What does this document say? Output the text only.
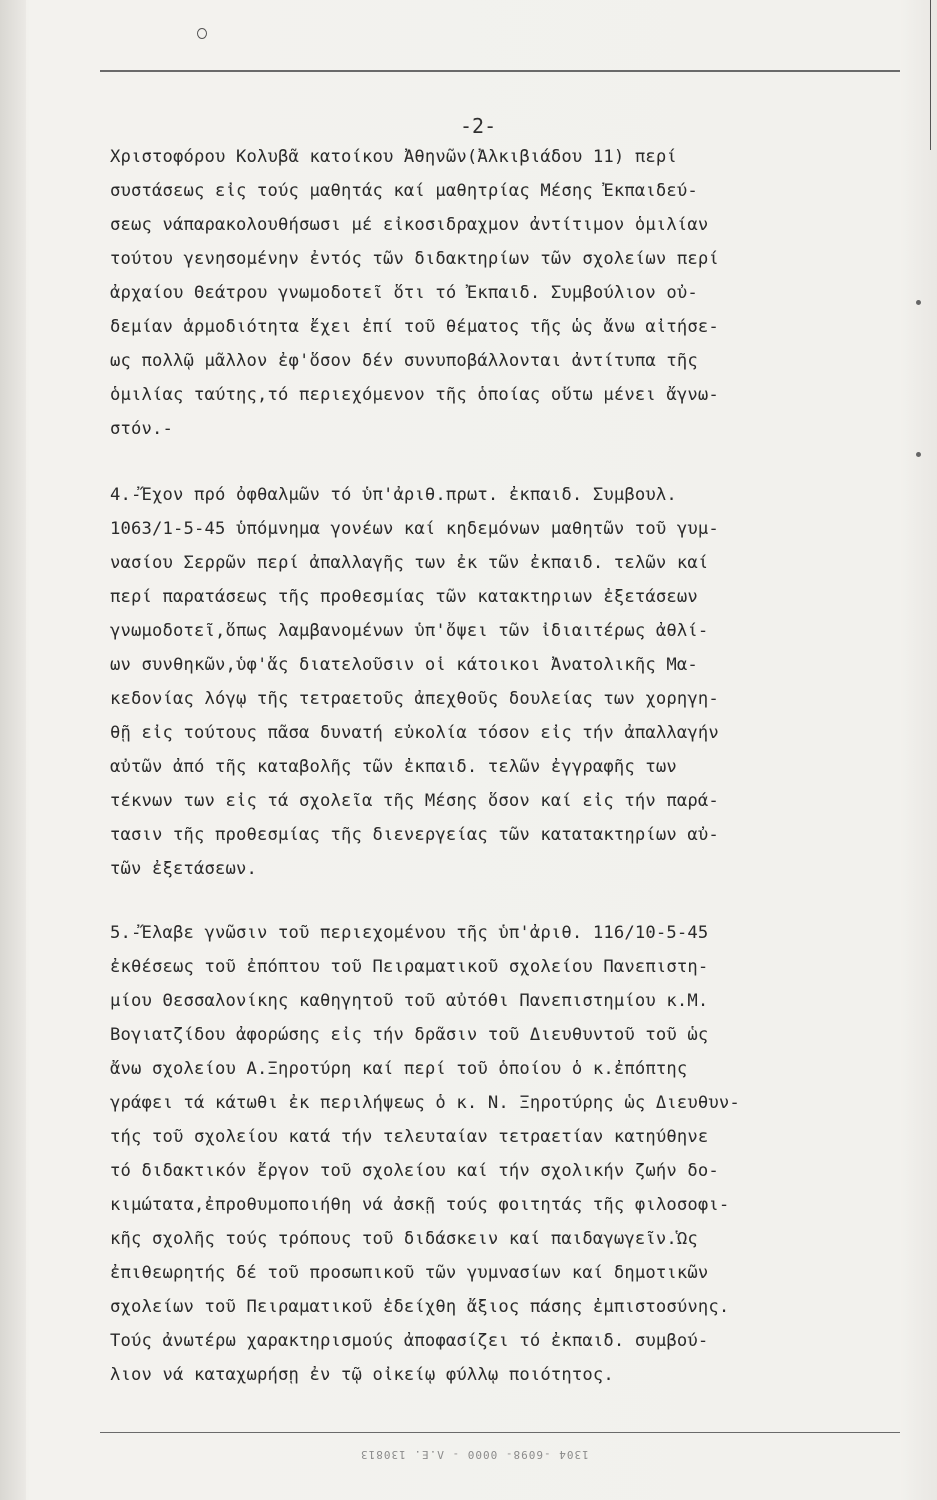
-2-
Χριστοφόρου Κολυβᾶ κατοίκου Ἀθηνῶν(Ἀλκιβιάδου 11) περί
συστάσεως εἰς τούς μαθητάς καί μαθητρίας Μέσης Ἐκπαιδεύ-
σεως νάπαρακολουθήσωσι μέ εἰκοσιδραχμον ἀντίτιμον ὁμιλίαν
τούτου γενησομένην ἐντός τῶν διδακτηρίων τῶν σχολείων περί
ἀρχαίου Θεάτρου γνωμοδοτεῖ ὅτι τό Ἐκπαιδ. Συμβούλιον οὐ-
δεμίαν ἁρμοδιότητα ἔχει ἐπί τοῦ θέματος τῆς ὡς ἄνω αἰτήσε-
ως πολλῷ μᾶλλον ἐφ'ὅσον δέν συνυποβάλλονται ἀντίτυπα τῆς
ὁμιλίας ταύτης,τό περιεχόμενον τῆς ὁποίας οὕτω μένει ἄγνω-
στόν.-
4.-Ἔχον πρό ὀφθαλμῶν τό ὑπ'ἀριθ.πρωτ. ἐκπαιδ. Συμβουλ.
1063/1-5-45 ὑπόμνημα γονέων καί κηδεμόνων μαθητῶν τοῦ γυμ-
νασίου Σερρῶν περί ἀπαλλαγῆς των ἐκ τῶν ἐκπαιδ. τελῶν καί
περί παρατάσεως τῆς προθεσμίας τῶν κατακτηριων ἐξετάσεων
γνωμοδοτεῖ,ὅπως λαμβανομένων ὑπ'ὄψει τῶν ἰδιαιτέρως ἀθλί-
ων συνθηκῶν,ὑφ'ἅς διατελοῦσιν οἱ κάτοικοι Ἀνατολικῆς Μα-
κεδονίας λόγῳ τῆς τετραετοῦς ἀπεχθοῦς δουλείας των χορηγη-
θῇ εἰς τούτους πᾶσα δυνατή εὐκολία τόσον εἰς τήν ἀπαλλαγήν
αὐτῶν ἀπό τῆς καταβολῆς τῶν ἐκπαιδ. τελῶν ἐγγραφῆς των
τέκνων των εἰς τά σχολεῖα τῆς Μέσης ὅσον καί εἰς τήν παρά-
τασιν τῆς προθεσμίας τῆς διενεργείας τῶν κατατακτηρίων αὐ-
τῶν ἐξετάσεων.
5.-Ἔλαβε γνῶσιν τοῦ περιεχομένου τῆς ὑπ'ἀριθ. 116/10-5-45
ἐκθέσεως τοῦ ἐπόπτου τοῦ Πειραματικοῦ σχολείου Πανεπιστη-
μίου Θεσσαλονίκης καθηγητοῦ τοῦ αὐτόθι Πανεπιστημίου κ.Μ.
Βογιατζίδου ἀφορώσης εἰς τήν δρᾶσιν τοῦ Διευθυντοῦ τοῦ ὡς
ἄνω σχολείου Α.Ξηροτύρη καί περί τοῦ ὁποίου ὁ κ.ἐπόπτης
γράφει τά κάτωθι ἐκ περιλήψεως ὁ κ. Ν. Ξηροτύρης ὡς Διευθυν-
τής τοῦ σχολείου κατά τήν τελευταίαν τετραετίαν κατηύθηνε
τό διδακτικόν ἔργον τοῦ σχολείου καί τήν σχολικήν ζωήν δο-
κιμώτατα,ἐπροθυμοποιήθη νά ἀσκῇ τούς φοιτητάς τῆς φιλοσοφι-
κῆς σχολῆς τούς τρόπους τοῦ διδάσκειν καί παιδαγωγεῖν.Ὡς
ἐπιθεωρητής δέ τοῦ προσωπικοῦ τῶν γυμνασίων καί δημοτικῶν
σχολείων τοῦ Πειραματικοῦ ἐδείχθη ἄξιος πάσης ἐμπιστοσύνης.
Τούς ἀνωτέρω χαρακτηρισμούς ἀποφασίζει τό ἐκπαιδ. συμβού-
λιον νά καταχωρήσῃ ἐν τῷ οἰκείῳ φύλλῳ ποιότητος.
1304 -6098- 0000 - Λ.Ε. 130813
